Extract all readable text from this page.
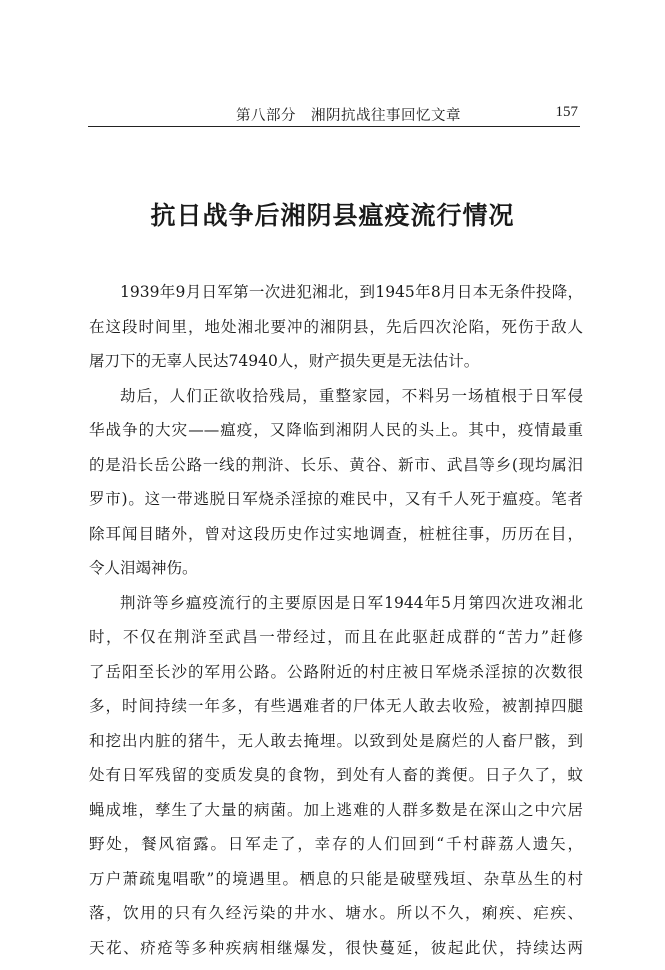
第八部分　湘阴抗战往事回忆文章	157
抗日战争后湘阴县瘟疫流行情况
1939年9月日军第一次进犯湘北，到1945年8月日本无条件投降，
在这段时间里，地处湘北要冲的湘阴县，先后四次沦陷，死伤于敌人
屠刀下的无辜人民达74940人，财产损失更是无法估计。
劫后，人们正欲收拾残局，重整家园，不料另一场植根于日军侵
华战争的大灾——瘟疫，又降临到湘阴人民的头上。其中，疫情最重
的是沿长岳公路一线的荆浒、长乐、黄谷、新市、武昌等乡(现均属汨
罗市)。这一带逃脱日军烧杀淫掠的难民中，又有千人死于瘟疫。笔者
除耳闻目睹外，曾对这段历史作过实地调查，桩桩往事，历历在目，
令人泪竭神伤。
荆浒等乡瘟疫流行的主要原因是日军1944年5月第四次进攻湘北
时，不仅在荆浒至武昌一带经过，而且在此驱赶成群的“苦力”赶修
了岳阳至长沙的军用公路。公路附近的村庄被日军烧杀淫掠的次数很
多，时间持续一年多，有些遇难者的尸体无人敢去收殓，被割掉四腿
和挖出内脏的猪牛，无人敢去掩埋。以致到处是腐烂的人畜尸骸，到
处有日军残留的变质发臭的食物，到处有人畜的粪便。日子久了，蚊
蝇成堆，孳生了大量的病菌。加上逃难的人群多数是在深山之中穴居
野处，餐风宿露。日军走了，幸存的人们回到“千村薜荔人遗矢，
万户萧疏鬼唱歌”的境遇里。栖息的只能是破壁残垣、杂草丛生的村
落，饮用的只有久经污染的井水、塘水。所以不久，痢疾、疟疾、
天花、疥疮等多种疾病相继爆发，很快蔓延，彼起此伏，持续达两
